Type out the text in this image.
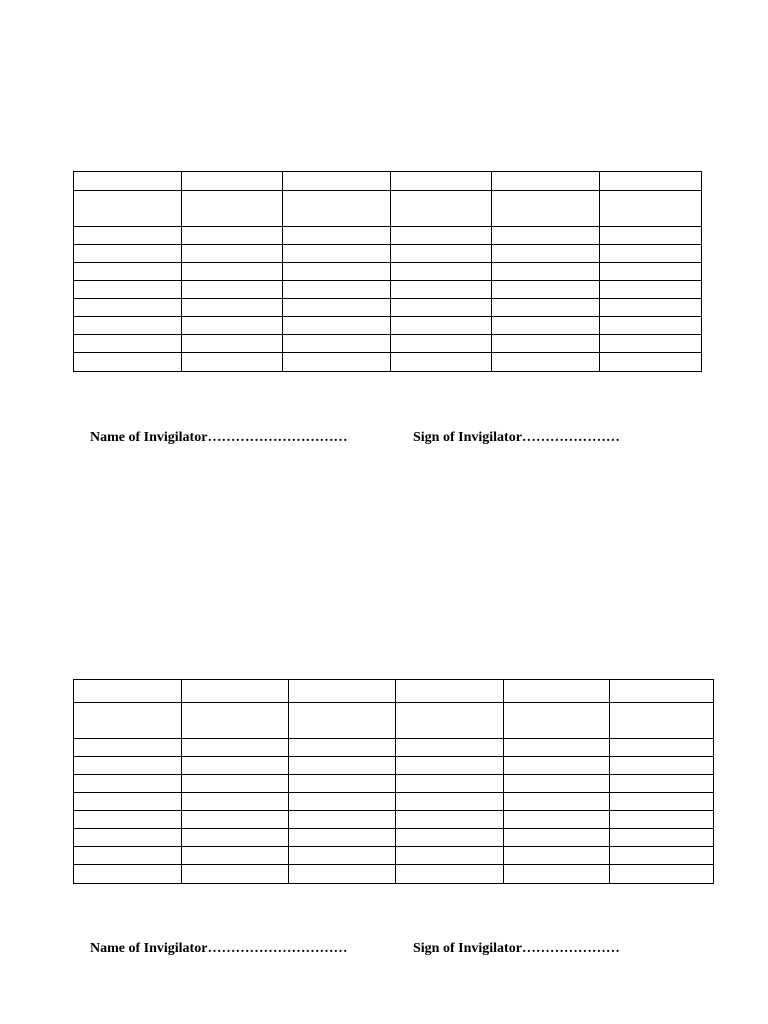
Name of Invigilator…………………………	Sign of Invigilator…………………

Name of Invigilator…………………………	Sign of Invigilator…………………
